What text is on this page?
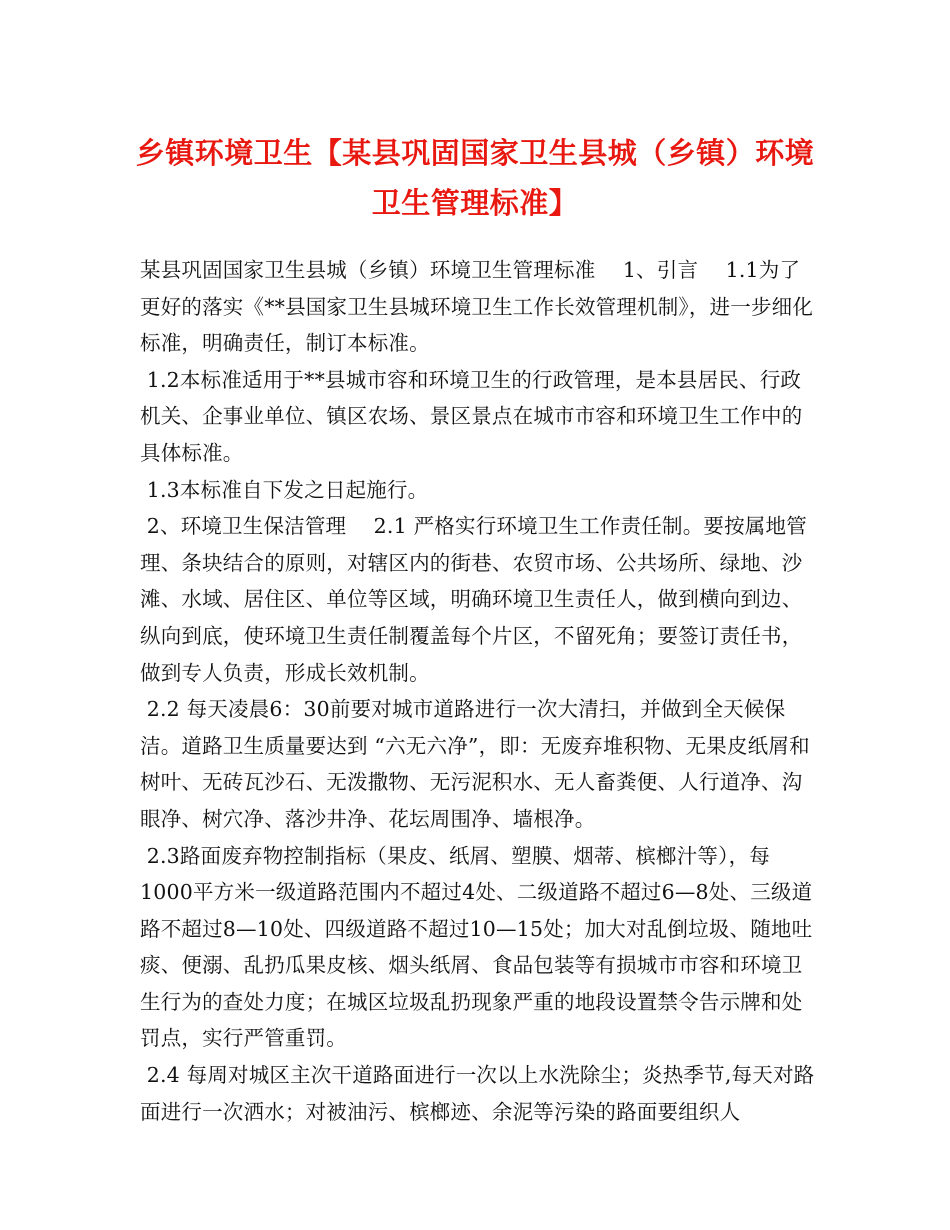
乡镇环境卫生【某县巩固国家卫生县城（乡镇）环境卫生管理标准】

某县巩固国家卫生县城（乡镇）环境卫生管理标准　 1、引言　 1.1为了更好的落实《**县国家卫生县城环境卫生工作长效管理机制》，进一步细化标准，明确责任，制订本标准。

1.2本标准适用于**县城市容和环境卫生的行政管理，是本县居民、行政机关、企事业单位、镇区农场、景区景点在城市市容和环境卫生工作中的具体标准。

1.3本标准自下发之日起施行。

2、环境卫生保洁管理　 2.1 严格实行环境卫生工作责任制。要按属地管理、条块结合的原则，对辖区内的街巷、农贸市场、公共场所、绿地、沙滩、水域、居住区、单位等区域，明确环境卫生责任人，做到横向到边、纵向到底，使环境卫生责任制覆盖每个片区，不留死角；要签订责任书，做到专人负责，形成长效机制。

2.2 每天凌晨6：30前要对城市道路进行一次大清扫，并做到全天候保洁。道路卫生质量要达到 “六无六净”，即：无废弃堆积物、无果皮纸屑和树叶、无砖瓦沙石、无泼撒物、无污泥积水、无人畜粪便、人行道净、沟眼净、树穴净、落沙井净、花坛周围净、墙根净。

2.3路面废弃物控制指标（果皮、纸屑、塑膜、烟蒂、槟榔汁等），每1000平方米一级道路范围内不超过4处、二级道路不超过6—8处、三级道路不超过8—10处、四级道路不超过10—15处；加大对乱倒垃圾、随地吐痰、便溺、乱扔瓜果皮核、烟头纸屑、食品包装等有损城市市容和环境卫生行为的查处力度；在城区垃圾乱扔现象严重的地段设置禁令告示牌和处罚点，实行严管重罚。

2.4 每周对城区主次干道路面进行一次以上水洗除尘；炎热季节,每天对路面进行一次洒水；对被油污、槟榔迹、余泥等污染的路面要组织人
